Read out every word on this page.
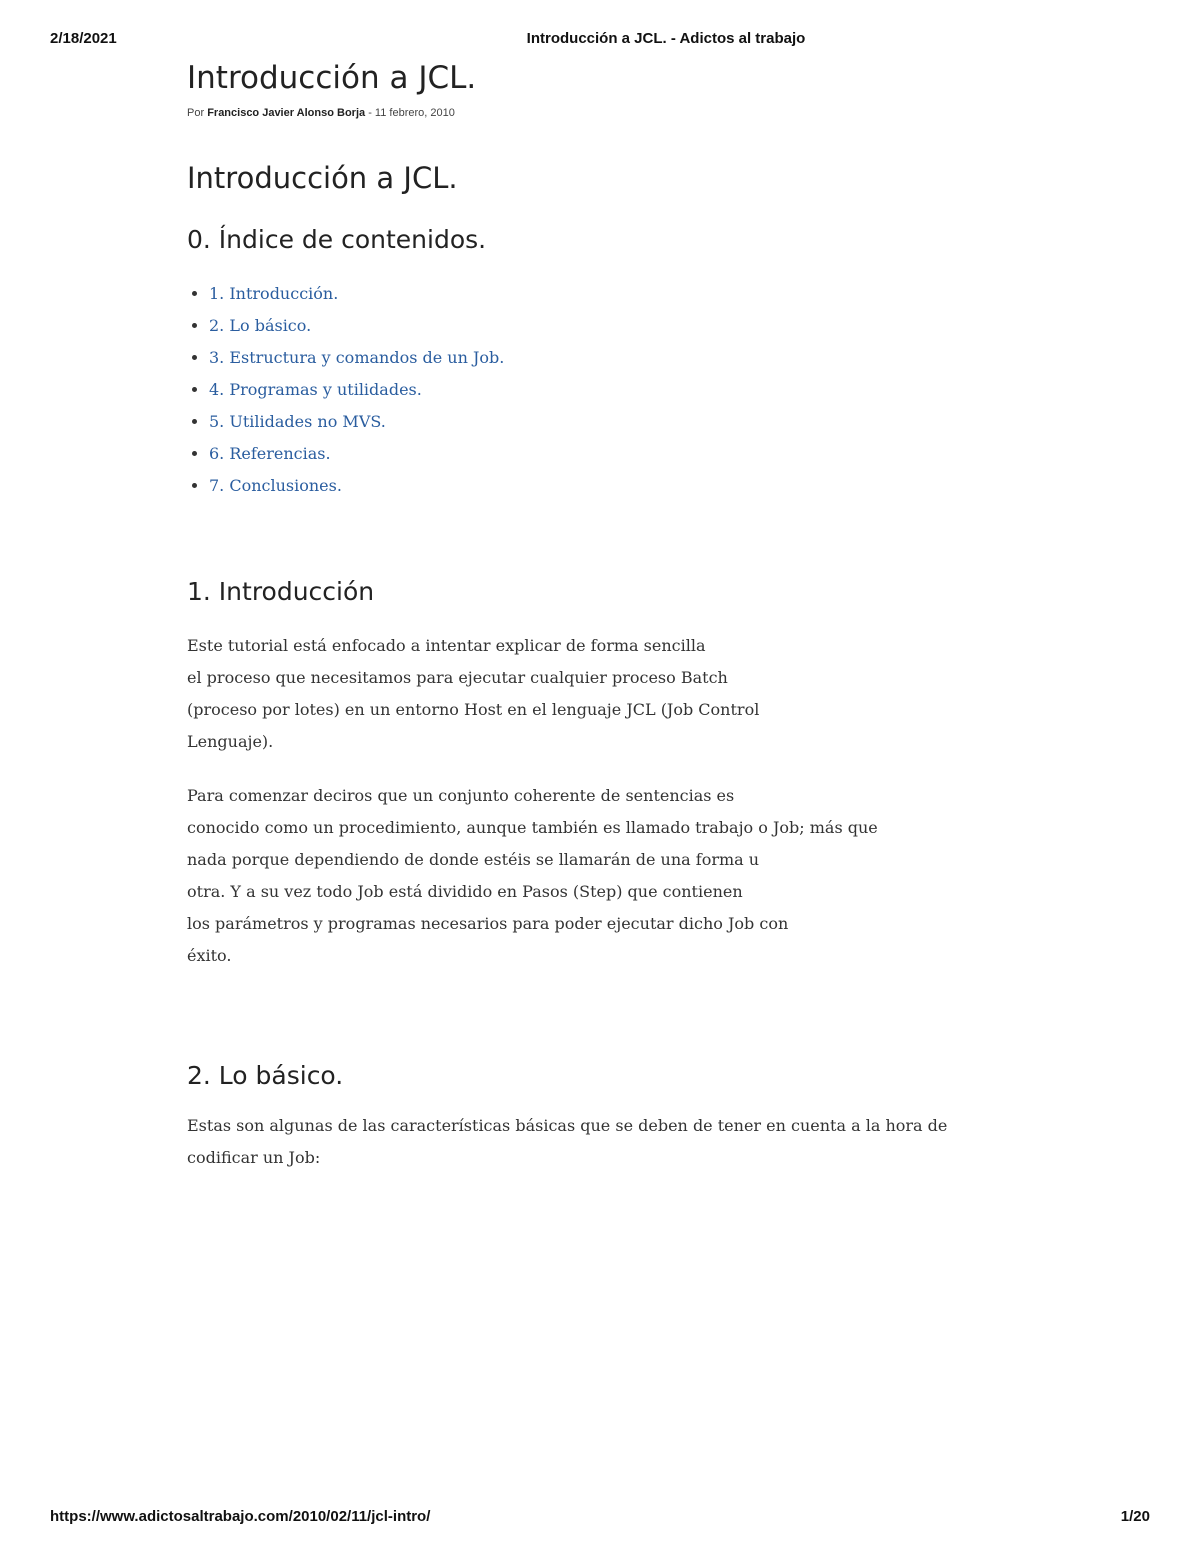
2/18/2021	Introducción a JCL. - Adictos al trabajo
Introducción a JCL.
Por Francisco Javier Alonso Borja - 11 febrero, 2010
Introducción a JCL.
0. Índice de contenidos.
• 1. Introducción.
• 2. Lo básico.
• 3. Estructura y comandos de un Job.
• 4. Programas y utilidades.
• 5. Utilidades no MVS.
• 6. Referencias.
• 7. Conclusiones.
1. Introducción

Este tutorial está enfocado a intentar explicar de forma sencilla
el proceso que necesitamos para ejecutar cualquier proceso Batch
(proceso por lotes) en un entorno Host en el lenguaje JCL (Job Control
Lenguaje).

Para comenzar deciros que un conjunto coherente de sentencias es
conocido como un procedimiento, aunque también es llamado trabajo o Job; más que
nada porque dependiendo de donde estéis se llamarán de una forma u
otra. Y a su vez todo Job está dividido en Pasos (Step) que contienen
los parámetros y programas necesarios para poder ejecutar dicho Job con
éxito.

2. Lo básico.

Estas son algunas de las características básicas que se deben de tener en cuenta a la hora de
codificar un Job:

https://www.adictosaltrabajo.com/2010/02/11/jcl-intro/	1/20
